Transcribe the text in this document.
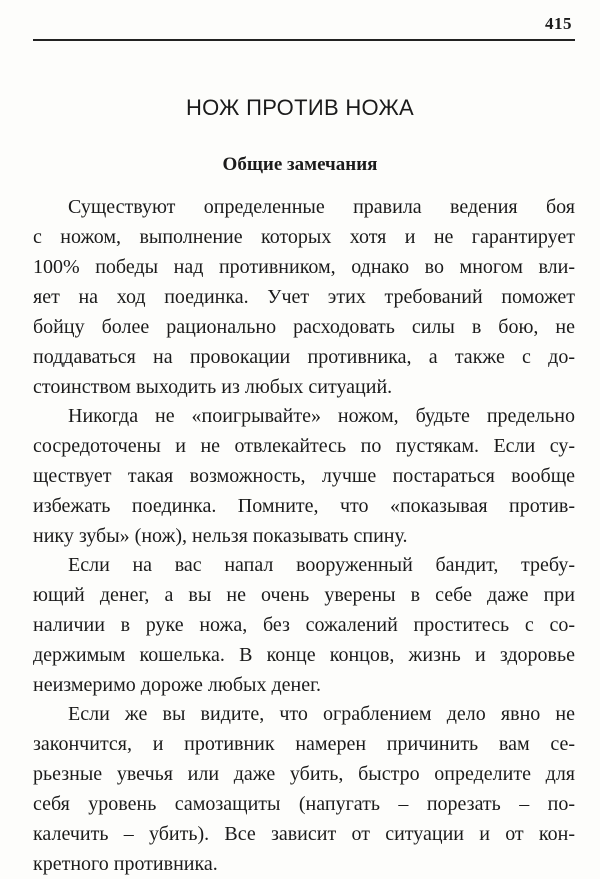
415
НОЖ ПРОТИВ НОЖА
Общие замечания
Существуют определенные правила ведения боя
с ножом, выполнение которых хотя и не гарантирует
100% победы над противником, однако во многом вли-
яет на ход поединка. Учет этих требований поможет
бойцу более рационально расходовать силы в бою, не
поддаваться на провокации противника, а также с до-
стоинством выходить из любых ситуаций.
Никогда не «поигрывайте» ножом, будьте предельно
сосредоточены и не отвлекайтесь по пустякам. Если су-
ществует такая возможность, лучше постараться вообще
избежать поединка. Помните, что «показывая против-
нику зубы» (нож), нельзя показывать спину.
Если на вас напал вооруженный бандит, требу-
ющий денег, а вы не очень уверены в себе даже при
наличии в руке ножа, без сожалений проститесь с со-
держимым кошелька. В конце концов, жизнь и здоровье
неизмеримо дороже любых денег.
Если же вы видите, что ограблением дело явно не
закончится, и противник намерен причинить вам се-
рьезные увечья или даже убить, быстро определите для
себя уровень самозащиты (напугать – порезать – по-
калечить – убить). Все зависит от ситуации и от кон-
кретного противника.
